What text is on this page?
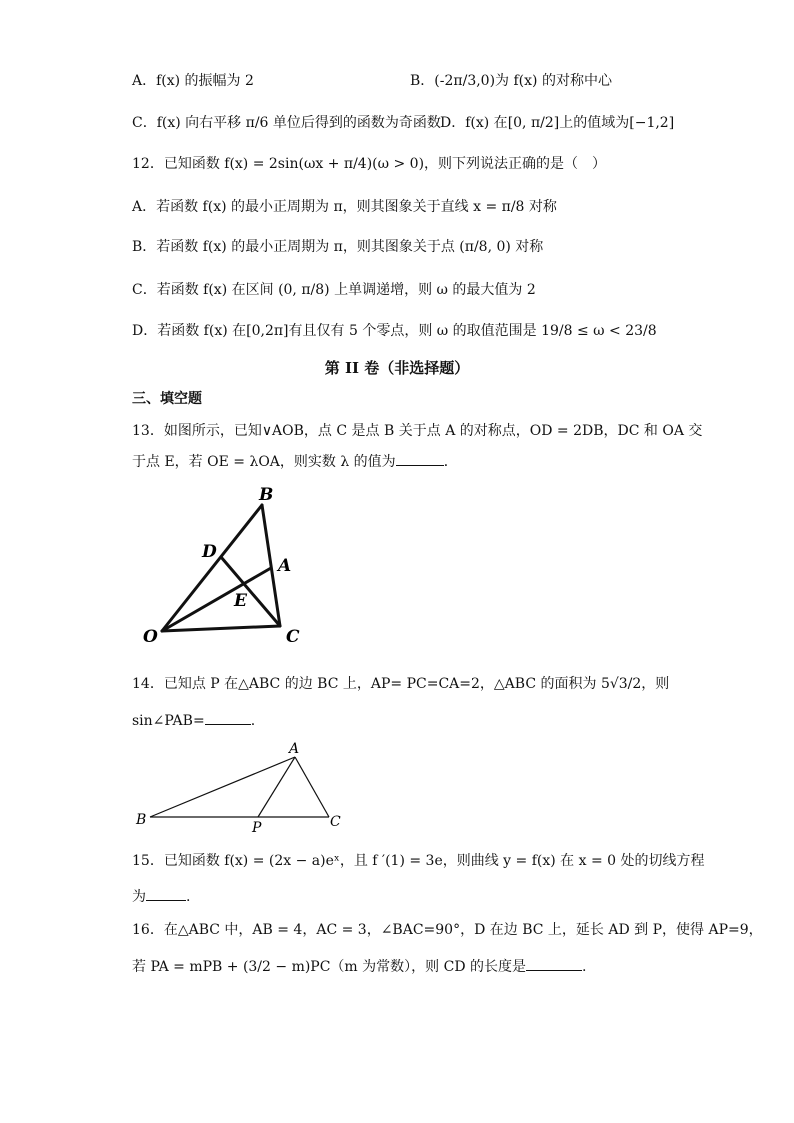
A．f(x) 的振幅为 2	B．(-2π/3,0)为 f(x) 的对称中心
C．f(x) 向右平移 π/6 单位后得到的函数为奇函数 D．f(x) 在[0, π/2]上的值域为[−1,2]
12．已知函数 f(x) = 2sin(ωx + π/4)(ω > 0)，则下列说法正确的是（　）
A．若函数 f(x) 的最小正周期为 π，则其图象关于直线 x = π/8 对称
B．若函数 f(x) 的最小正周期为 π，则其图象关于点 (π/8, 0) 对称
C．若函数 f(x) 在区间 (0, π/8) 上单调递增，则 ω 的最大值为 2
D．若函数 f(x) 在[0,2π]有且仅有 5 个零点，则 ω 的取值范围是 19/8 ≤ ω < 23/8
第 II 卷（非选择题）
三、填空题
13．如图所示，已知∨AOB，点 C 是点 B 关于点 A 的对称点，OD = 2DB，DC 和 OA 交
于点 E，若 OE = λOA，则实数 λ 的值为	．
B
D
A
E
O	C
14．已知点 P 在△ABC 的边 BC 上，AP= PC=CA=2，△ABC 的面积为 5√3/2，则
sin∠PAB=	.
A
B	P	C
15．已知函数 f(x) = (2x − a)eˣ，且 f ′(1) = 3e，则曲线 y = f(x) 在 x = 0 处的切线方程
为	.
16．在△ABC 中，AB = 4，AC = 3，∠BAC=90°，D 在边 BC 上，延长 AD 到 P，使得 AP=9，
若 PA = mPB + (3/2 − m)PC（m 为常数），则 CD 的长度是	.
